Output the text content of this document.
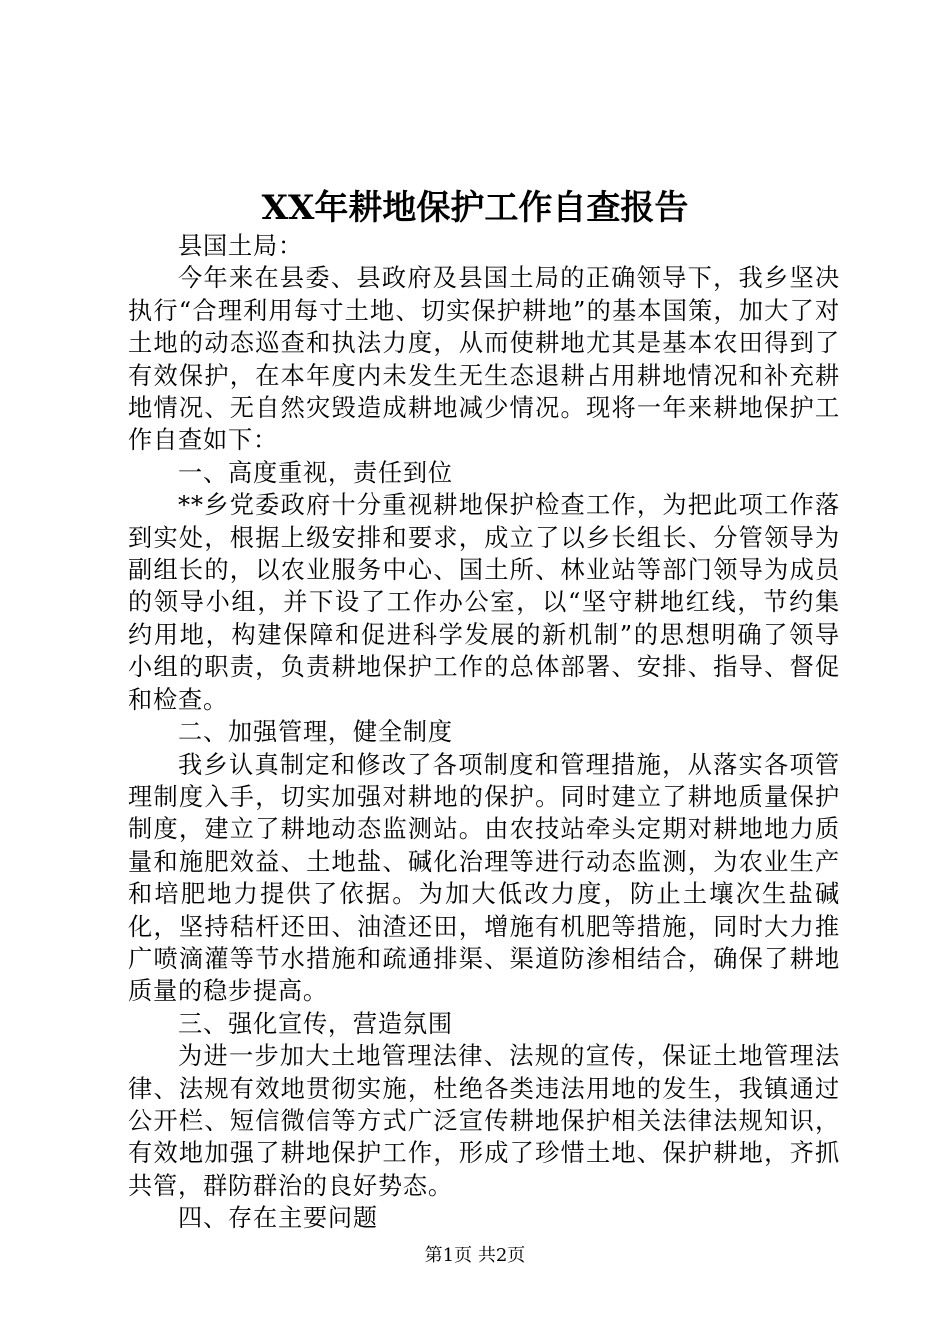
XX年耕地保护工作自查报告

县国土局：

今年来在县委、县政府及县国土局的正确领导下，我乡坚决执行“合理利用每寸土地、切实保护耕地”的基本国策，加大了对土地的动态巡查和执法力度，从而使耕地尤其是基本农田得到了有效保护，在本年度内未发生无生态退耕占用耕地情况和补充耕地情况、无自然灾毁造成耕地减少情况。现将一年来耕地保护工作自查如下：

一、高度重视，责任到位

**乡党委政府十分重视耕地保护检查工作，为把此项工作落到实处，根据上级安排和要求，成立了以乡长组长、分管领导为副组长的，以农业服务中心、国土所、林业站等部门领导为成员的领导小组，并下设了工作办公室，以“坚守耕地红线，节约集约用地，构建保障和促进科学发展的新机制”的思想明确了领导小组的职责，负责耕地保护工作的总体部署、安排、指导、督促和检查。

二、加强管理，健全制度

我乡认真制定和修改了各项制度和管理措施，从落实各项管理制度入手，切实加强对耕地的保护。同时建立了耕地质量保护制度，建立了耕地动态监测站。由农技站牵头定期对耕地地力质量和施肥效益、土地盐、碱化治理等进行动态监测，为农业生产和培肥地力提供了依据。为加大低改力度，防止土壤次生盐碱化，坚持秸杆还田、油渣还田，增施有机肥等措施，同时大力推广喷滴灌等节水措施和疏通排渠、渠道防渗相结合，确保了耕地质量的稳步提高。

三、强化宣传，营造氛围

为进一步加大土地管理法律、法规的宣传，保证土地管理法律、法规有效地贯彻实施，杜绝各类违法用地的发生，我镇通过公开栏、短信微信等方式广泛宣传耕地保护相关法律法规知识，有效地加强了耕地保护工作，形成了珍惜土地、保护耕地，齐抓共管，群防群治的良好势态。

四、存在主要问题

第1页 共2页
